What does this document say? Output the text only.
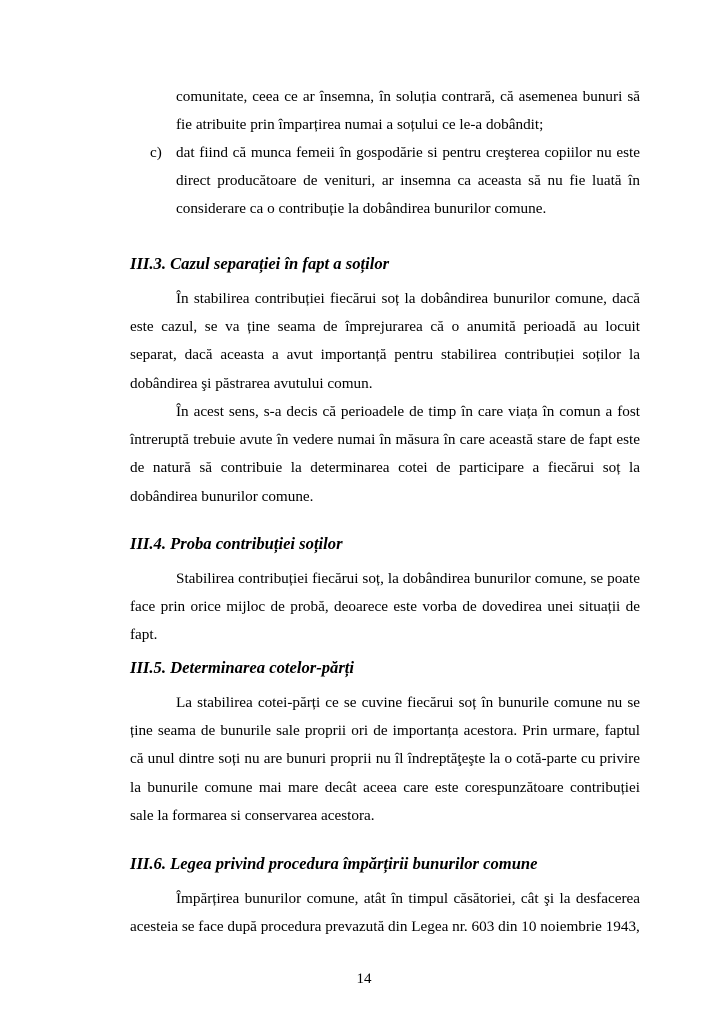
comunitate, ceea ce ar însemna, în soluția contrară, că asemenea bunuri să fie atribuite prin împarțirea numai a soțului ce le-a dobândit;
c) dat fiind că munca femeii în gospodărie si pentru creşterea copiilor nu este direct producătoare de venituri, ar insemna ca aceasta să nu fie luată în considerare ca o contribuție la dobândirea bunurilor comune.
III.3. Cazul separației în fapt a soților

În stabilirea contribuției fiecărui soț la dobândirea bunurilor comune, dacă este cazul, se va ține seama de împrejurarea că o anumită perioadă au locuit separat, dacă aceasta a avut importanță pentru stabilirea contribuției soților la dobândirea şi păstrarea avutului comun.

În acest sens, s-a decis că perioadele de timp în care viața în comun a fost întreruptă trebuie avute în vedere numai în măsura în care această stare de fapt este de natură să contribuie la determinarea cotei de participare a fiecărui soț la dobândirea bunurilor comune.

III.4. Proba contribuției soților

Stabilirea contribuției fiecărui soț, la dobândirea bunurilor comune, se poate face prin orice mijloc de probă, deoarece este vorba de dovedirea unei situații de fapt.

III.5. Determinarea cotelor-părți

La stabilirea cotei-părți ce se cuvine fiecărui soț în bunurile comune nu se ține seama de bunurile sale proprii ori de importanța acestora. Prin urmare, faptul că unul dintre soți nu are bunuri proprii nu îl îndreptăţeşte la o cotă-parte cu privire la bunurile comune mai mare decât aceea care este corespunzătoare contribuției sale la formarea si conservarea acestora.

III.6. Legea privind procedura împărțirii bunurilor comune

Împărțirea bunurilor comune, atât în timpul căsătoriei, cât şi la desfacerea acesteia se face după procedura prevazută din Legea nr. 603 din 10 noiembrie 1943,

14
